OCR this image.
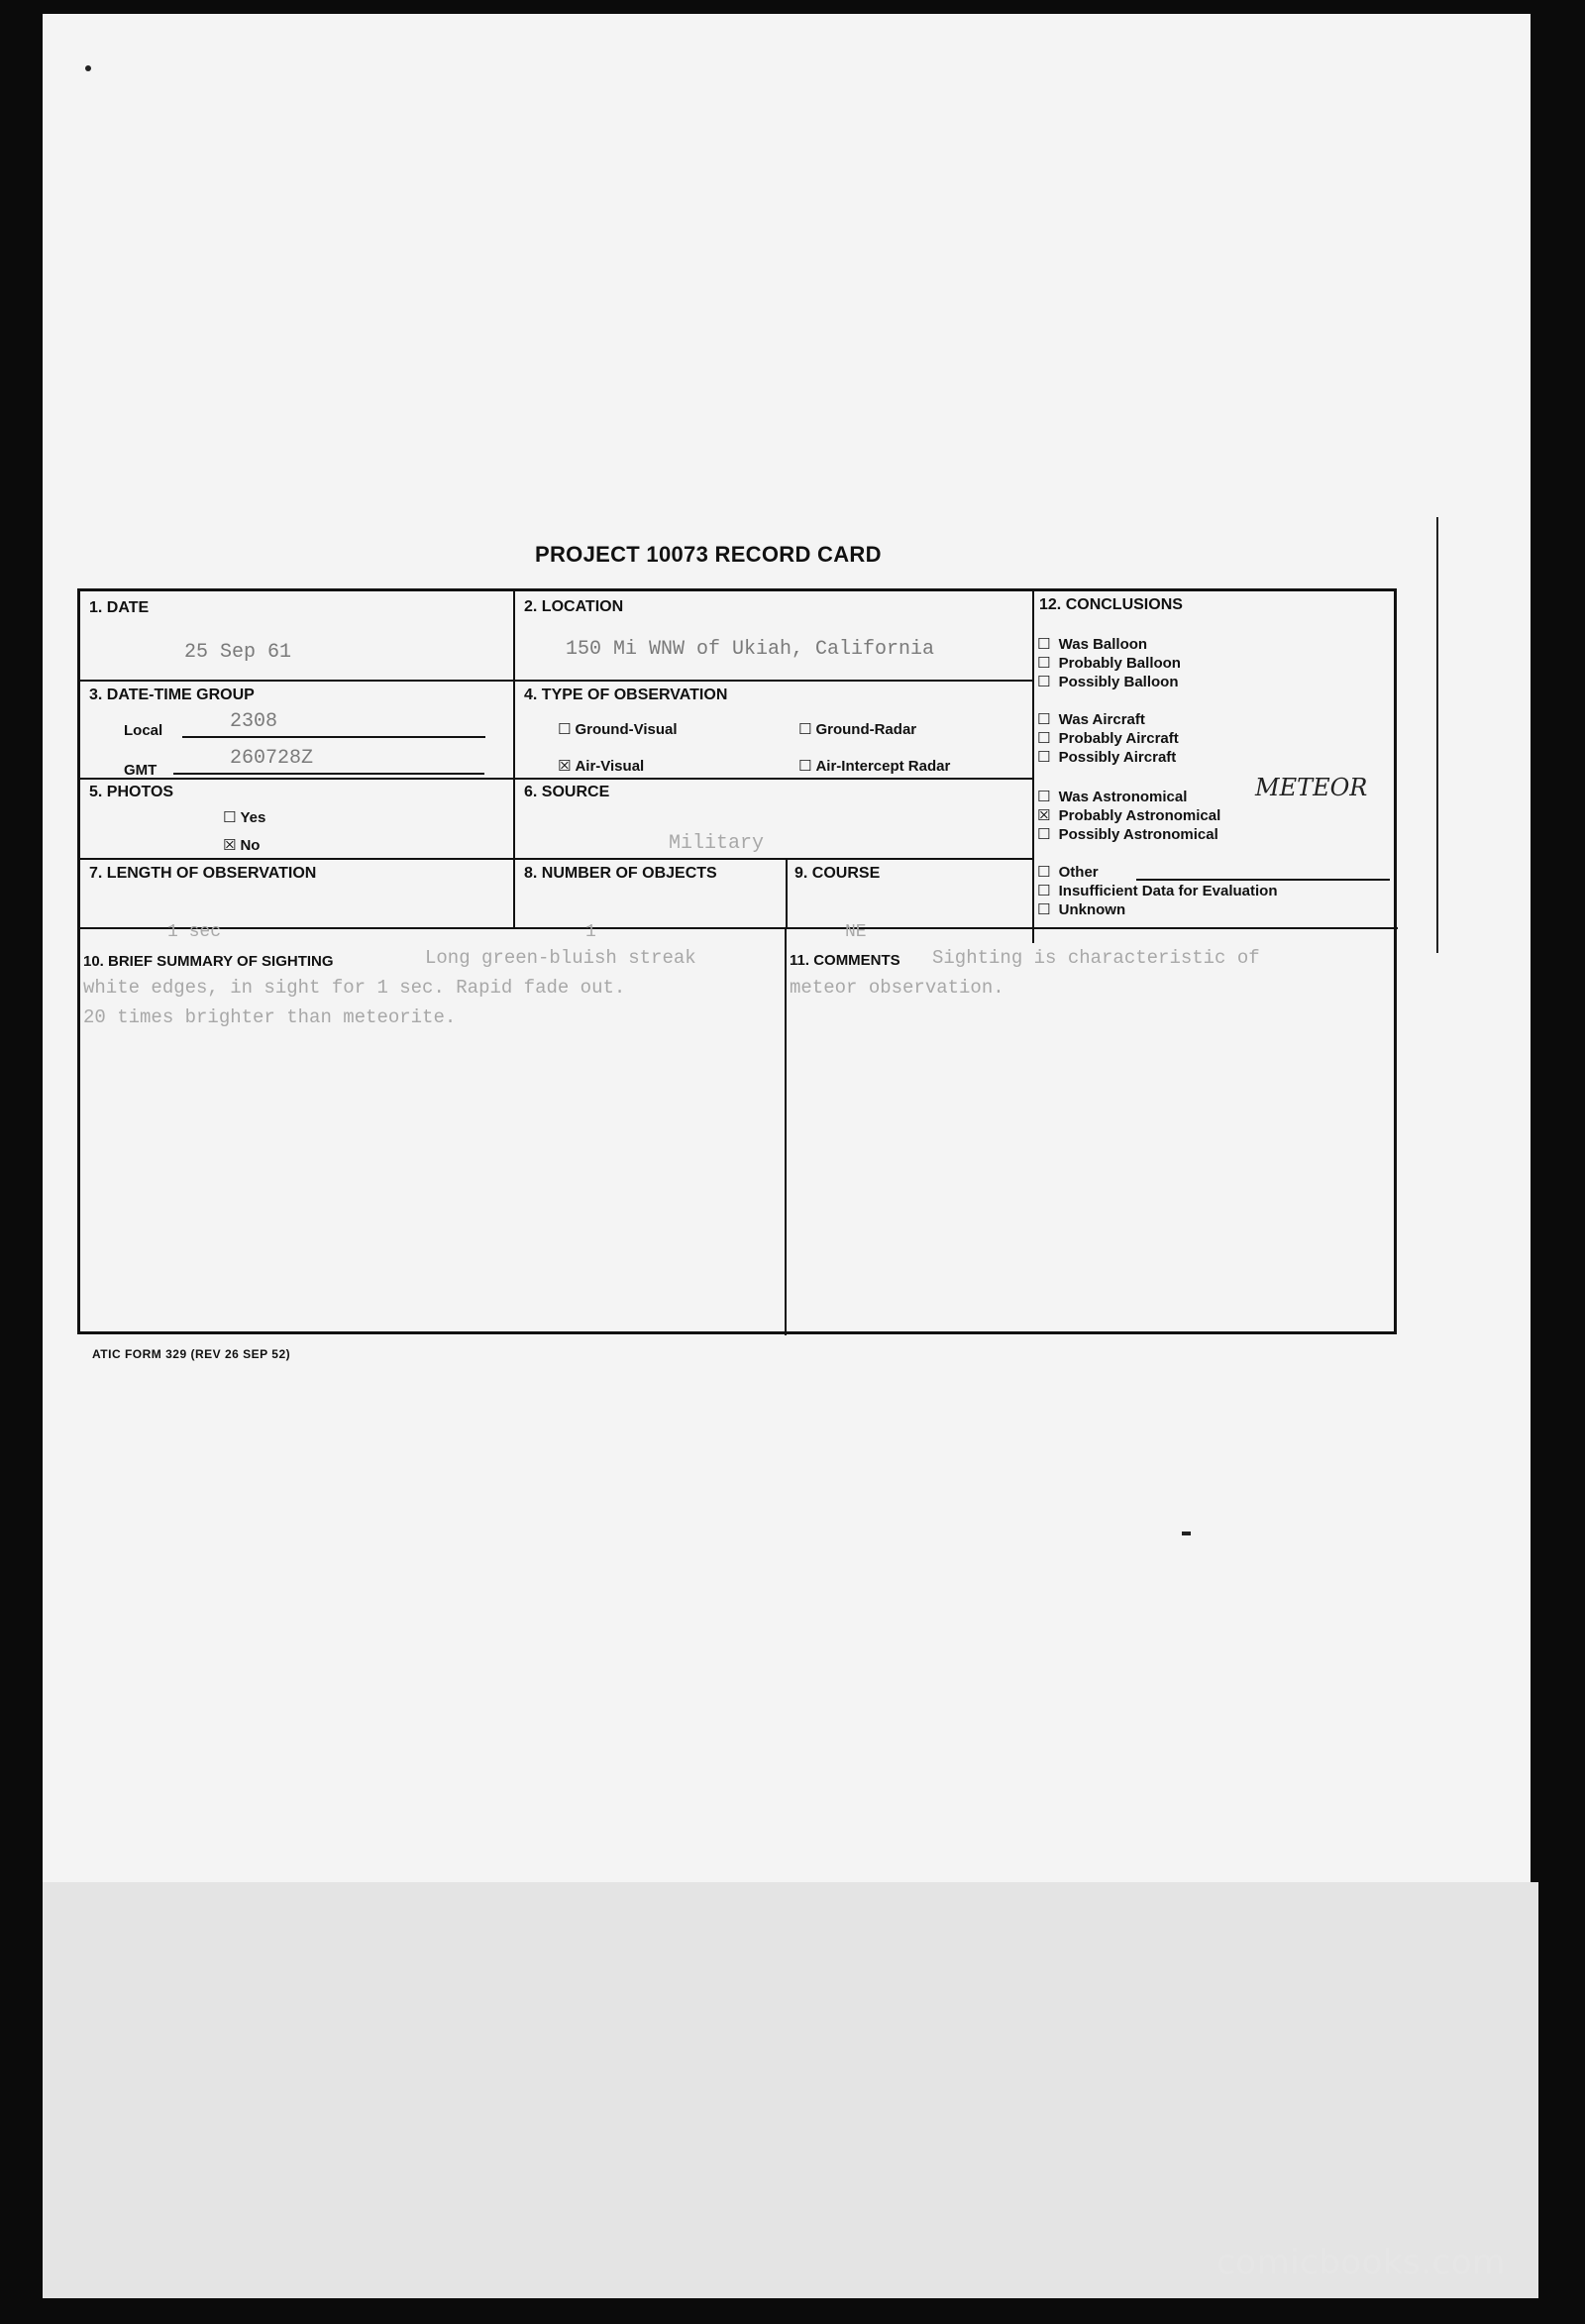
PROJECT 10073 RECORD CARD
1. DATE
25 Sep 61
2. LOCATION
150 Mi WNW of Ukiah, California
3. DATE-TIME GROUP
Local	2308
GMT
260728Z
4. TYPE OF OBSERVATION
☐ Ground-Visual	☐ Ground-Radar
☒ Air-Visual	☐ Air-Intercept Radar
5. PHOTOS
☐ Yes
☒ No
6. SOURCE
Military
7. LENGTH OF OBSERVATION
1 sec
8. NUMBER OF OBJECTS
1
9. COURSE
NE
10. BRIEF SUMMARY OF SIGHTING	Long green-bluish streak
white edges, in sight for 1 sec. Rapid fade out.
20 times brighter than meteorite.
11. COMMENTS Sighting is characteristic of
meteor observation.
12. CONCLUSIONS
☐ Was Balloon
☐ Probably Balloon
☐ Possibly Balloon
☐ Was Aircraft
☐ Probably Aircraft
☐ Possibly Aircraft
☐ Was Astronomical	METEOR
☒ Probably Astronomical
☐ Possibly Astronomical
☐ Other
☐ Insufficient Data for Evaluation
☐ Unknown
ATIC FORM 329 (REV 26 SEP 52)
comicbooks.com
